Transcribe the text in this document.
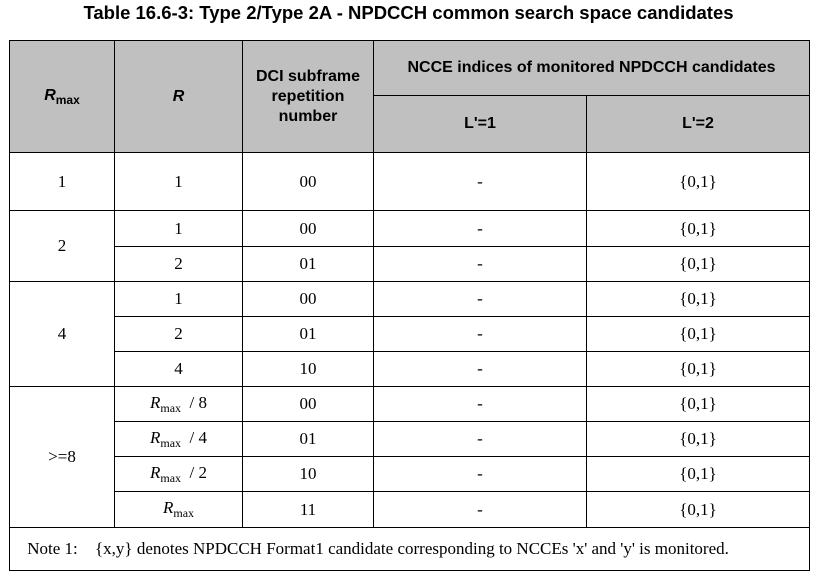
Table 16.6-3: Type 2/Type 2A - NPDCCH common search space candidates
$R_{max}$	R	DCI subframe repetition number	NCCE indices of monitored NPDCCH candidates	
			L'=1	L'=2
1	1	00	-	{0,1}
2	1	00	-	{0,1}
	2	01	-	{0,1}
4	1	00	-	{0,1}
	2	01	-	{0,1}
	4	10	-	{0,1}
>=8	$R_{max} / 8$	00	-	{0,1}
	$R_{max} / 4$	01	-	{0,1}
	$R_{max} / 2$	10	-	{0,1}
	$R_{max}$	11	-	{0,1}

Note 1: {x,y} denotes NPDCCH Format1 candidate corresponding to NCCEs 'x' and 'y' is monitored.				
